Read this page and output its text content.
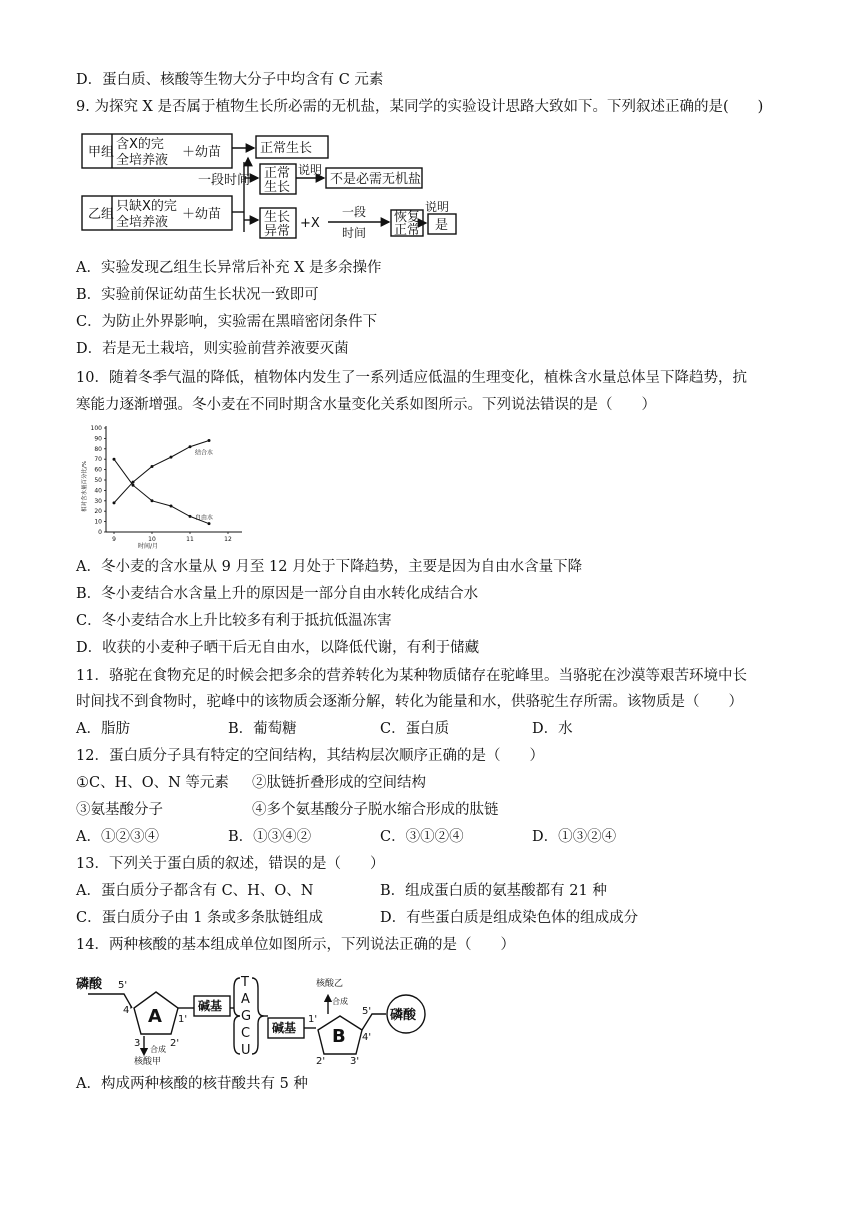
D．蛋白质、核酸等生物大分子中均含有 C 元素
9. 为探究 X 是否属于植物生长所必需的无机盐，某同学的实验设计思路大致如下。下列叙述正确的是(　　)
甲组
含X的完
全培养液
＋幼苗	正常生长
一段时间
乙组
只缺X的完
全培养液
＋幼苗
正常
生长
说明
不是必需无机盐
生长
异常
+X
一段
时间
恢复
正常
说明
是
A．实验发现乙组生长异常后补充 X 是多余操作
B．实验前保证幼苗生长状况一致即可
C．为防止外界影响，实验需在黑暗密闭条件下
D．若是无土栽培，则实验前营养液要灭菌
10．随着冬季气温的降低，植物体内发生了一系列适应低温的生理变化，植株含水量总体呈下降趋势，抗
寒能力逐渐增强。冬小麦在不同时期含水量变化关系如图所示。下列说法错误的是（　　）
0
10
20
30
40
50
60
70
80
90
100
9	10	11	12
结合水
自由水
时间/月
相对含水量百分比/%
A．冬小麦的含水量从 9 月至 12 月处于下降趋势，主要是因为自由水含量下降
B．冬小麦结合水含量上升的原因是一部分自由水转化成结合水
C．冬小麦结合水上升比较多有利于抵抗低温冻害
D．收获的小麦种子晒干后无自由水，以降低代谢，有利于储藏
11．骆驼在食物充足的时候会把多余的营养转化为某种物质储存在驼峰里。当骆驼在沙漠等艰苦环境中长
时间找不到食物时，驼峰中的该物质会逐渐分解，转化为能量和水，供骆驼生存所需。该物质是（　　）
A．脂肪	B．葡萄糖	C．蛋白质	D．水
12．蛋白质分子具有特定的空间结构，其结构层次顺序正确的是（　　）
①C、H、O、N 等元素 ②肽链折叠形成的空间结构
③氨基酸分子	④多个氨基酸分子脱水缩合形成的肽链
A．①②③④	B．①③④②	C．③①②④	D．①③②④
13．下列关于蛋白质的叙述，错误的是（　　）
A．蛋白质分子都含有 C、H、O、N	B．组成蛋白质的氨基酸都有 21 种
C．蛋白质分子由 1 条或多条肽链组成	D．有些蛋白质是组成染色体的组成成分
14．两种核酸的基本组成单位如图所示，下列说法正确的是（　　）
磷酸 5'
4'
1'
3	2'
A	碱基
合成
核酸甲
T
A
G
C
U
碱基
1'
4'
5'
2' 3'
B
合成
核酸乙
磷酸
A．构成两种核酸的核苷酸共有 5 种
